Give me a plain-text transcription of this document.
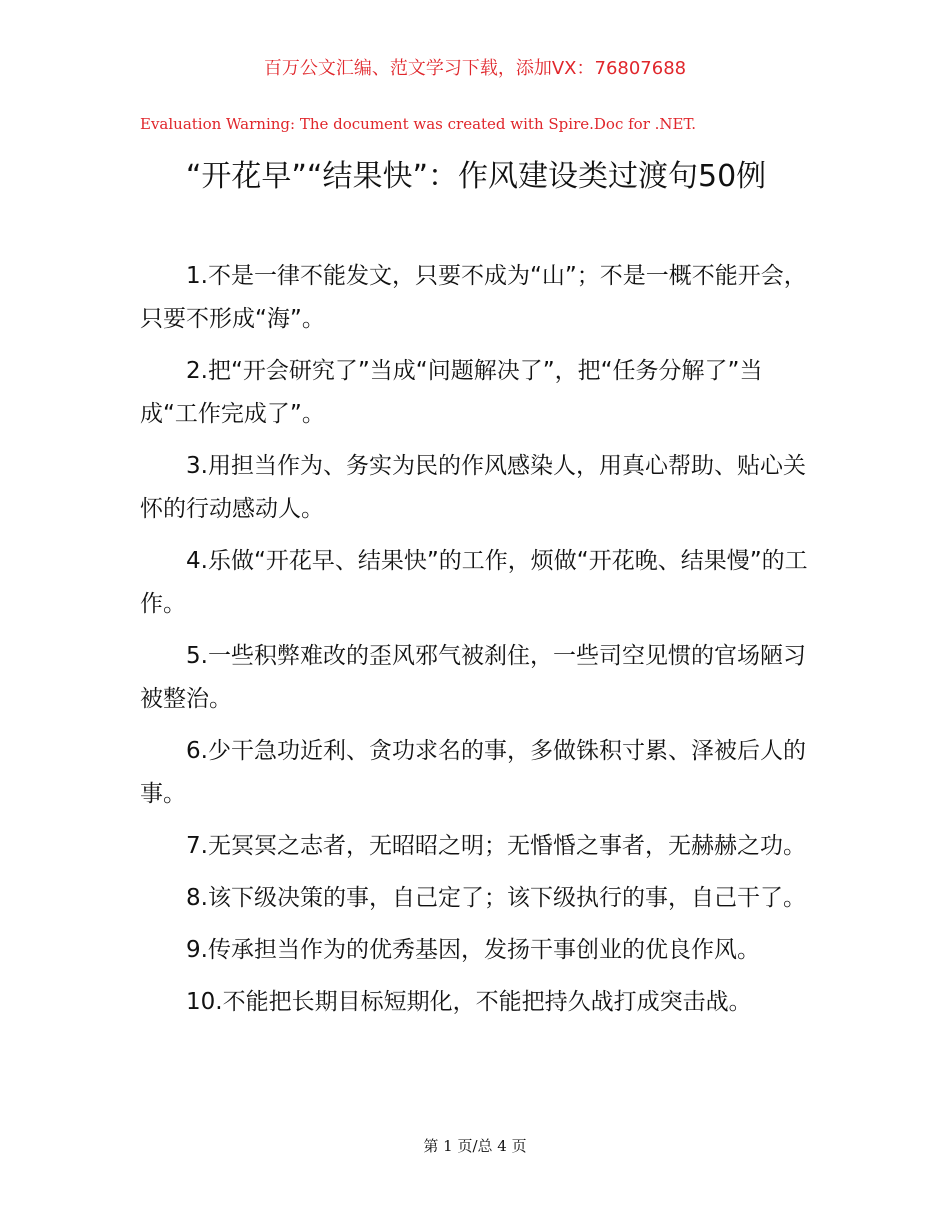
百万公文汇编、范文学习下载，添加VX：76807688
Evaluation Warning: The document was created with Spire.Doc for .NET.
“开花早”“结果快”：作风建设类过渡句50例
1.不是一律不能发文，只要不成为“山”；不是一概不能开会，只要不形成“海”。
2.把“开会研究了”当成“问题解决了”，把“任务分解了”当成“工作完成了”。
3.用担当作为、务实为民的作风感染人，用真心帮助、贴心关怀的行动感动人。
4.乐做“开花早、结果快”的工作，烦做“开花晚、结果慢”的工作。
5.一些积弊难改的歪风邪气被刹住，一些司空见惯的官场陋习被整治。
6.少干急功近利、贪功求名的事，多做铢积寸累、泽被后人的事。
7.无冥冥之志者，无昭昭之明；无惛惛之事者，无赫赫之功。
8.该下级决策的事，自己定了；该下级执行的事，自己干了。
9.传承担当作为的优秀基因，发扬干事创业的优良作风。
10.不能把长期目标短期化，不能把持久战打成突击战。
第 1 页/总 4 页
